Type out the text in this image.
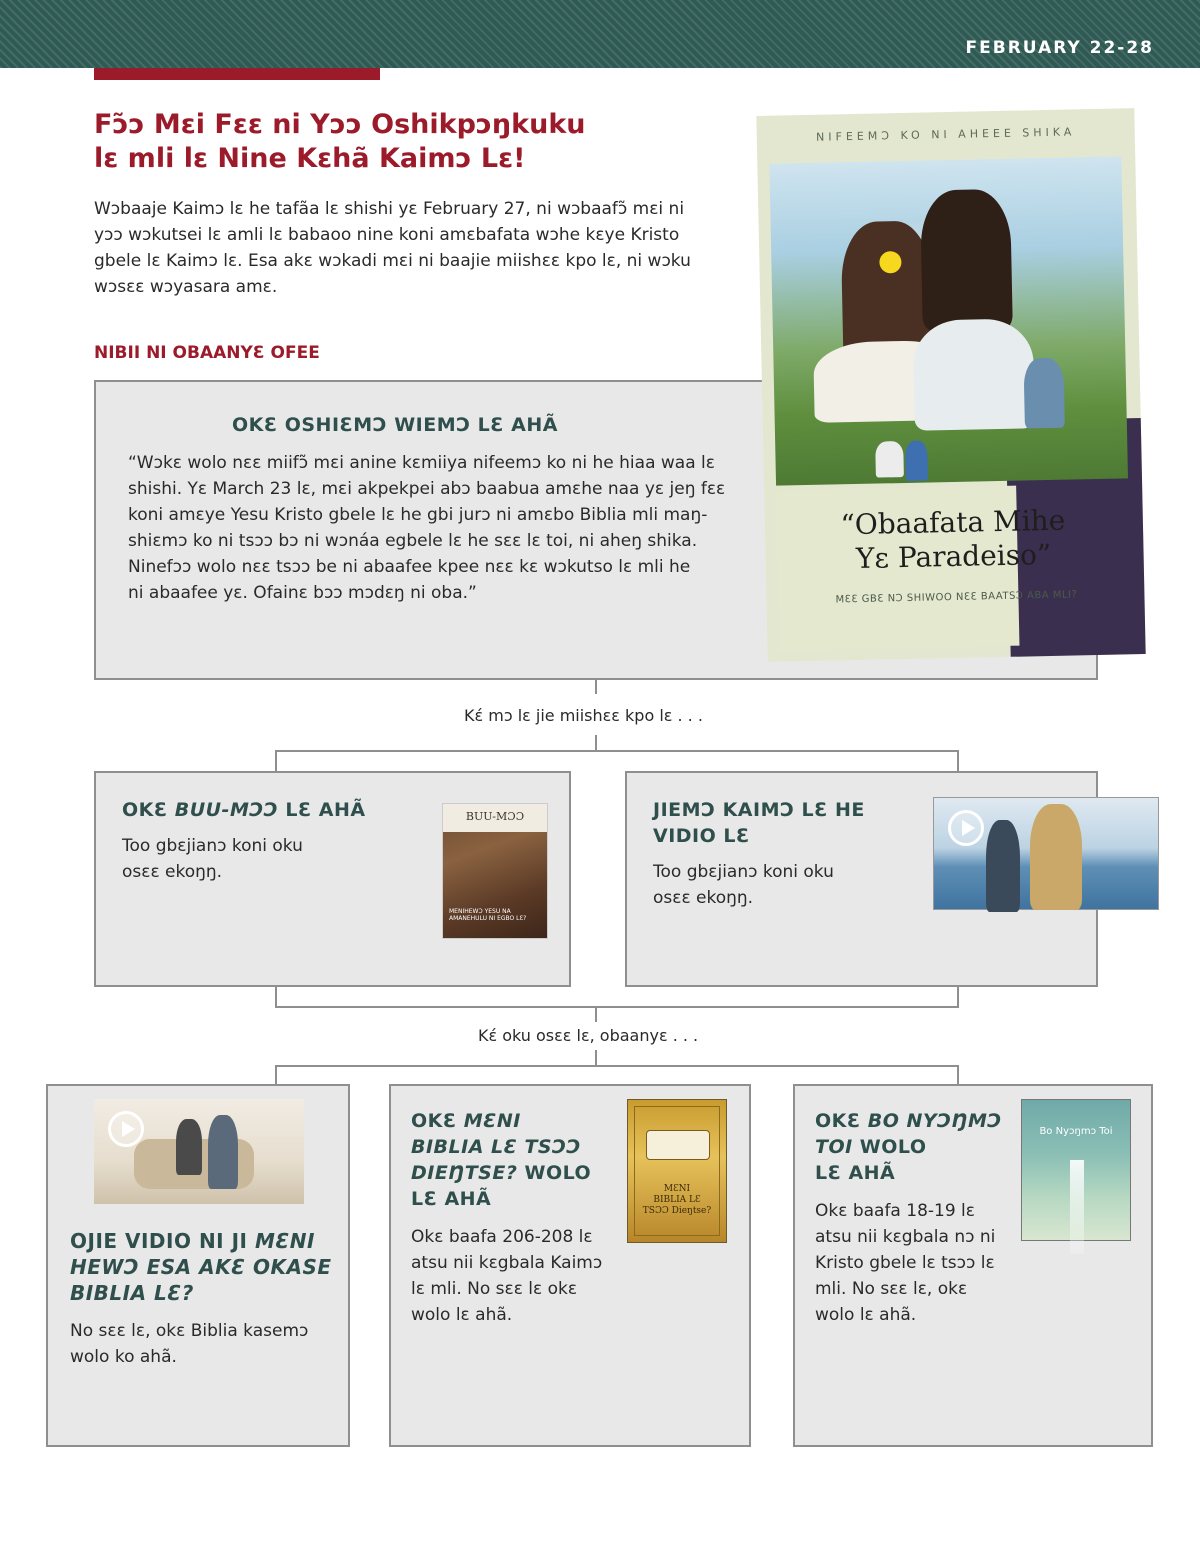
FEBRUARY 22-28
Fɔ̃ɔ Mɛi Fɛɛ ni Yɔɔ Oshikpɔŋkuku
lɛ mli lɛ Nine Kɛhã Kaimɔ Lɛ!
Wɔbaaje Kaimɔ lɛ he tafãa lɛ shishi yɛ February 27, ni wɔbaafɔ̃ mɛi ni
yɔɔ wɔkutsei lɛ amli lɛ babaoo nine koni amɛbafata wɔhe kɛye Kristo
gbele lɛ Kaimɔ lɛ. Esa akɛ wɔkadi mɛi ni baajie miishɛɛ kpo lɛ, ni wɔku
wɔsɛɛ wɔyasara amɛ.
NIBII NI OBAANYƐ OFEE
OKƐ OSHIƐMƆ WIEMƆ LƐ AHÃ
“Wɔkɛ wolo nɛɛ miifɔ̃ mɛi anine kɛmiiya nifeemɔ ko ni he hiaa waa lɛ
shishi. Yɛ March 23 lɛ, mɛi akpekpei abɔ baabua amɛhe naa yɛ jeŋ fɛɛ
koni amɛye Yesu Kristo gbele lɛ he gbi jurɔ ni amɛbo Biblia mli maŋ-
shiɛmɔ ko ni tsɔɔ bɔ ni wɔnáa egbele lɛ he sɛɛ lɛ toi, ni aheŋ shika.
Ninefɔɔ wolo nɛɛ tsɔɔ be ni abaafee kpee nɛɛ kɛ wɔkutso lɛ mli he
ni abaafee yɛ. Ofainɛ bɔɔ mɔdɛŋ ni oba.”
NIFEEMƆ KO NI AHEEE SHIKA
“Obaafata Mihe
Yɛ Paradeiso”
MƐƐ GBƐ NƆ SHIWOO NƐƐ BAATSƆ ABA MLI?
Kɛ́ mɔ lɛ jie miishɛɛ kpo lɛ . . .
OKƐ BUU-MƆƆ LƐ AHÃ
Too gbɛjianɔ koni oku
osɛɛ ekoŋŋ.
BUU-MƆƆ
MENIHEWƆ YESU NA AMANEHULU NI EGBO LƐ?
JIEMƆ KAIMƆ LƐ HE
VIDIO LƐ
Too gbɛjianɔ koni oku
osɛɛ ekoŋŋ.
Kɛ́ oku osɛɛ lɛ, obaanyɛ . . .
OJIE VIDIO NI JI MƐNI
HEWƆ ESA AKƐ OKASE
BIBLIA LƐ?
No sɛɛ lɛ, okɛ Biblia kasemɔ
wolo ko ahã.
OKƐ MƐNI
BIBLIA LƐ TSƆƆ
DIEŊTSE? WOLO
LƐ AHÃ
Okɛ baafa 206-208 lɛ
atsu nii kɛgbala Kaimɔ
lɛ mli. No sɛɛ lɛ okɛ
wolo lɛ ahã.
MƐNI
BIBLIA LƐ
TSƆƆ Dieŋtse?
OKƐ BO NYƆŊMƆ
TOI WOLO
LƐ AHÃ
Okɛ baafa 18-19 lɛ
atsu nii kɛgbala nɔ ni
Kristo gbele lɛ tsɔɔ lɛ
mli. No sɛɛ lɛ, okɛ
wolo lɛ ahã.
Bo Nyɔŋmɔ Toi
